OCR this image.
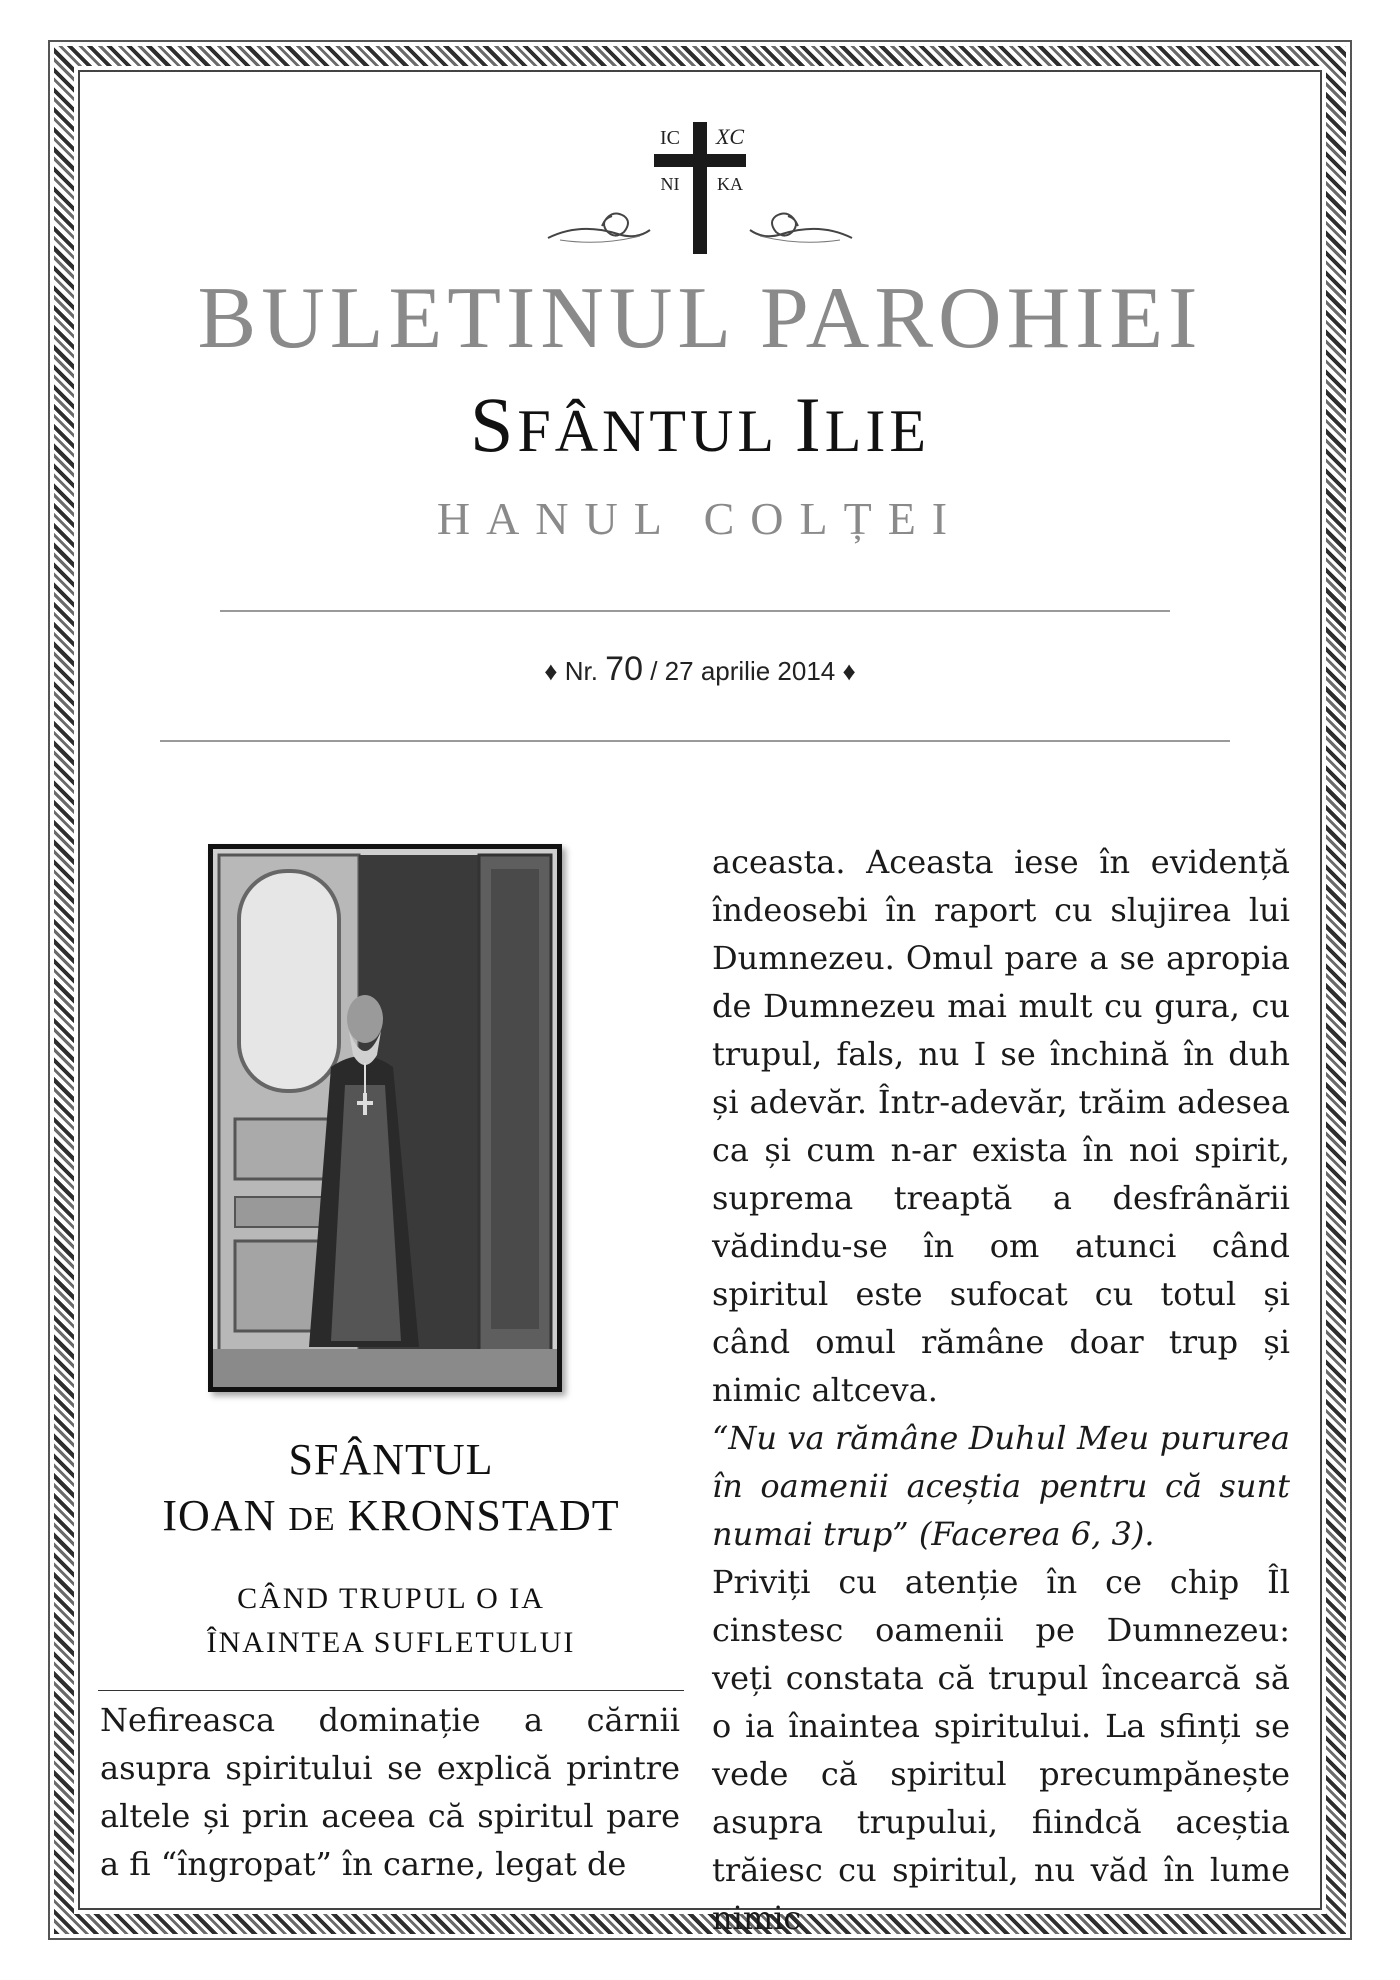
IC XC
NI KA
BULETINUL PAROHIEI
SFÂNTUL ILIE
HANUL COLȚEI
♦ Nr. 70 / 27 aprilie 2014 ♦
SFÂNTUL
IOAN DE KRONSTADT
CÂND TRUPUL O IA
ÎNAINTEA SUFLETULUI
Nefireasca dominație a cărnii asupra spiritului se explică printre altele și prin aceea că spiritul pare a fi “îngropat” în carne, legat de

aceasta. Aceasta iese în evidență îndeosebi în raport cu slujirea lui Dumnezeu. Omul pare a se apropia de Dumnezeu mai mult cu gura, cu trupul, fals, nu I se închină în duh și adevăr. Într-adevăr, trăim adesea ca și cum n-ar exista în noi spirit, suprema treaptă a desfrânării vădindu-se în om atunci când spiritul este sufocat cu totul și când omul rămâne doar trup și nimic altceva.

“Nu va rămâne Duhul Meu pururea în oamenii aceștia pentru că sunt numai trup” (Facerea 6, 3).

Priviți cu atenție în ce chip Îl cinstesc oamenii pe Dumnezeu: veți constata că trupul încearcă să o ia înaintea spiritului. La sfinți se vede că spiritul precumpănește asupra trupului, fiindcă aceștia trăiesc cu spiritul, nu văd în lume nimic
